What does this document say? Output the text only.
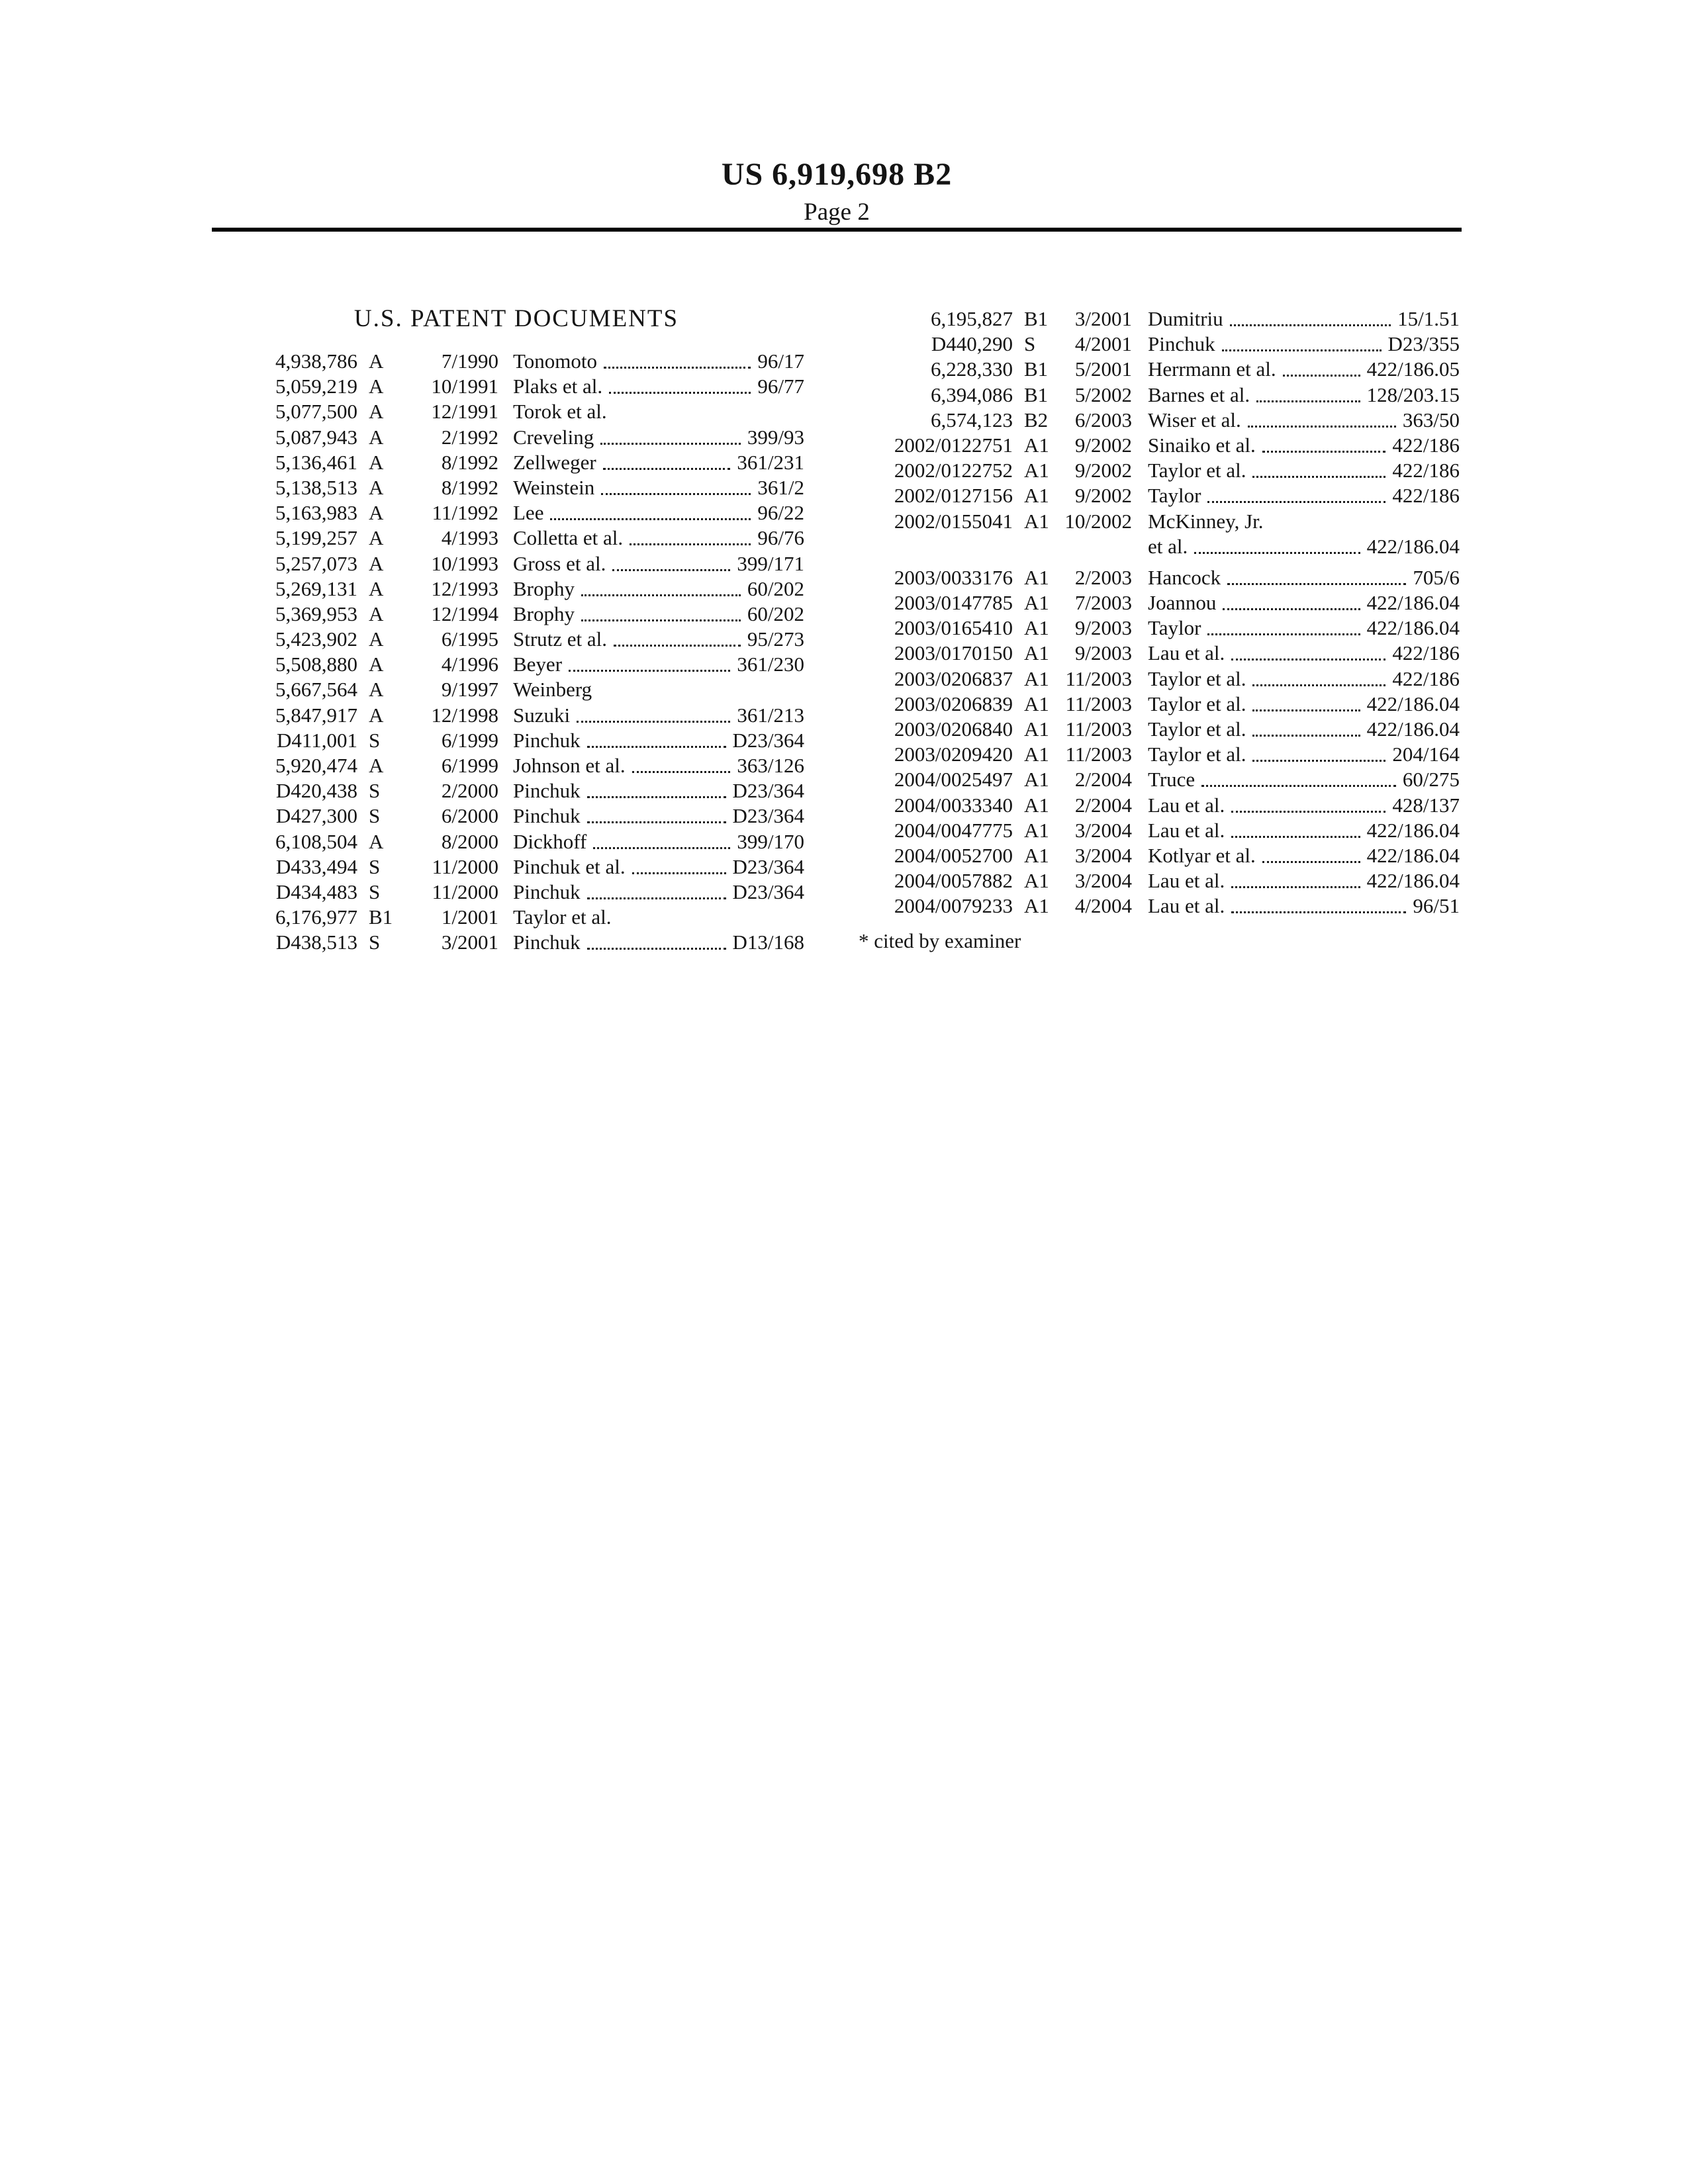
US 6,919,698 B2
Page 2
U.S. PATENT DOCUMENTS
4,938,786 A	7/1990 Tonomoto	96/17
5,059,219 A	10/1991 Plaks et al.	96/77
5,077,500 A	12/1991 Torok et al.
5,087,943 A	2/1992 Creveling	399/93
5,136,461 A	8/1992 Zellweger	361/231
5,138,513 A	8/1992 Weinstein	361/2
5,163,983 A	11/1992 Lee	96/22
5,199,257 A	4/1993 Colletta et al.	96/76
5,257,073 A	10/1993 Gross et al.	399/171
5,269,131 A	12/1993 Brophy	60/202
5,369,953 A	12/1994 Brophy	60/202
5,423,902 A	6/1995 Strutz et al.	95/273
5,508,880 A	4/1996 Beyer	361/230
5,667,564 A	9/1997 Weinberg
5,847,917 A	12/1998 Suzuki	361/213
D411,001 S	6/1999 Pinchuk	D23/364
5,920,474 A	6/1999 Johnson et al.	363/126
D420,438 S	2/2000 Pinchuk	D23/364
D427,300 S	6/2000 Pinchuk	D23/364
6,108,504 A	8/2000 Dickhoff	399/170
D433,494 S	11/2000 Pinchuk et al.	D23/364
D434,483 S	11/2000 Pinchuk	D23/364
6,176,977 B1	1/2001 Taylor et al.
D438,513 S	3/2001 Pinchuk	D13/168
6,195,827 B1	3/2001 Dumitriu	15/1.51
D440,290 S	4/2001 Pinchuk	D23/355
6,228,330 B1	5/2001 Herrmann et al.	422/186.05
6,394,086 B1	5/2002 Barnes et al.	128/203.15
6,574,123 B2	6/2003 Wiser et al.	363/50
2002/0122751 A1	9/2002 Sinaiko et al.	422/186
2002/0122752 A1	9/2002 Taylor et al.	422/186
2002/0127156 A1	9/2002 Taylor	422/186
2002/0155041 A1 10/2002 McKinney, Jr.
et al.	422/186.04
2003/0033176 A1	2/2003 Hancock	705/6
2003/0147785 A1	7/2003 Joannou	422/186.04
2003/0165410 A1	9/2003 Taylor	422/186.04
2003/0170150 A1	9/2003 Lau et al.	422/186
2003/0206837 A1 11/2003 Taylor et al.	422/186
2003/0206839 A1 11/2003 Taylor et al.	422/186.04
2003/0206840 A1 11/2003 Taylor et al.	422/186.04
2003/0209420 A1 11/2003 Taylor et al.	204/164
2004/0025497 A1	2/2004 Truce	60/275
2004/0033340 A1	2/2004 Lau et al.	428/137
2004/0047775 A1	3/2004 Lau et al.	422/186.04
2004/0052700 A1	3/2004 Kotlyar et al.	422/186.04
2004/0057882 A1	3/2004 Lau et al.	422/186.04
2004/0079233 A1	4/2004 Lau et al.	96/51
* cited by examiner
